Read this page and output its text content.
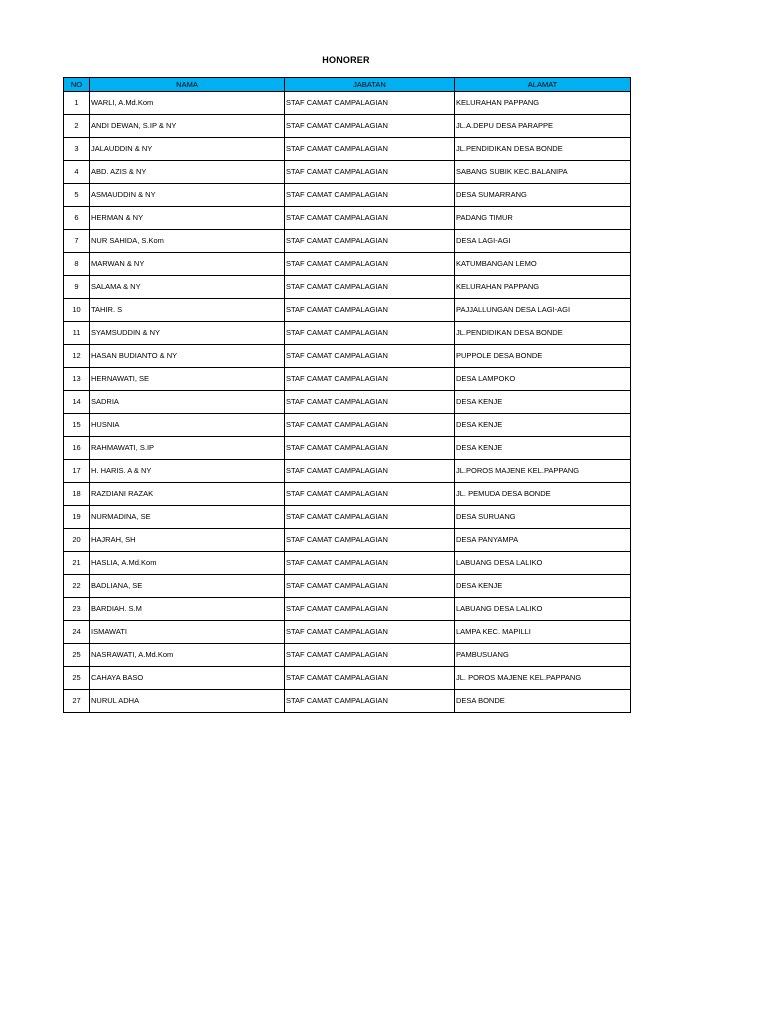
HONORER
NO	NAMA	JABATAN	ALAMAT
1	WARLI, A.Md.Kom	STAF CAMAT CAMPALAGIAN	KELURAHAN PAPPANG
2	ANDI DEWAN, S.IP & NY	STAF CAMAT CAMPALAGIAN	JL.A.DEPU DESA PARAPPE
3	JALAUDDIN & NY	STAF CAMAT CAMPALAGIAN	JL.PENDIDIKAN DESA BONDE
4	ABD. AZIS & NY	STAF CAMAT CAMPALAGIAN	SABANG SUBIK KEC.BALANIPA
5	ASMAUDDIN & NY	STAF CAMAT CAMPALAGIAN	DESA SUMARRANG
6	HERMAN & NY	STAF CAMAT CAMPALAGIAN	PADANG TIMUR
7	NUR SAHIDA, S.Kom	STAF CAMAT CAMPALAGIAN	DESA LAGI-AGI
8	MARWAN & NY	STAF CAMAT CAMPALAGIAN	KATUMBANGAN LEMO
9	SALAMA & NY	STAF CAMAT CAMPALAGIAN	KELURAHAN PAPPANG
10	TAHIR. S	STAF CAMAT CAMPALAGIAN	PAJJALLUNGAN DESA LAGI-AGI
11	SYAMSUDDIN & NY	STAF CAMAT CAMPALAGIAN	JL.PENDIDIKAN DESA BONDE
12	HASAN BUDIANTO & NY	STAF CAMAT CAMPALAGIAN	PUPPOLE DESA BONDE
13	HERNAWATI, SE	STAF CAMAT CAMPALAGIAN	DESA LAMPOKO
14	SADRIA	STAF CAMAT CAMPALAGIAN	DESA KENJE
15	HUSNIA	STAF CAMAT CAMPALAGIAN	DESA KENJE
16	RAHMAWATI, S.IP	STAF CAMAT CAMPALAGIAN	DESA KENJE
17	H. HARIS. A & NY	STAF CAMAT CAMPALAGIAN	JL.POROS MAJENE KEL.PAPPANG
18	RAZDIANI RAZAK	STAF CAMAT CAMPALAGIAN	JL. PEMUDA DESA BONDE
19	NURMADINA, SE	STAF CAMAT CAMPALAGIAN	DESA SURUANG
20	HAJRAH, SH	STAF CAMAT CAMPALAGIAN	DESA PANYAMPA
21	HASLIA, A.Md.Kom	STAF CAMAT CAMPALAGIAN	LABUANG DESA LALIKO
22	BADLIANA, SE	STAF CAMAT CAMPALAGIAN	DESA KENJE
23	BARDIAH. S.M	STAF CAMAT CAMPALAGIAN	LABUANG DESA LALIKO
24	ISMAWATI	STAF CAMAT CAMPALAGIAN	LAMPA KEC. MAPILLI
25	NASRAWATI, A.Md.Kom	STAF CAMAT CAMPALAGIAN	PAMBUSUANG
25	CAHAYA BASO	STAF CAMAT CAMPALAGIAN	JL. POROS MAJENE KEL.PAPPANG
27	NURUL ADHA	STAF CAMAT CAMPALAGIAN	DESA BONDE
